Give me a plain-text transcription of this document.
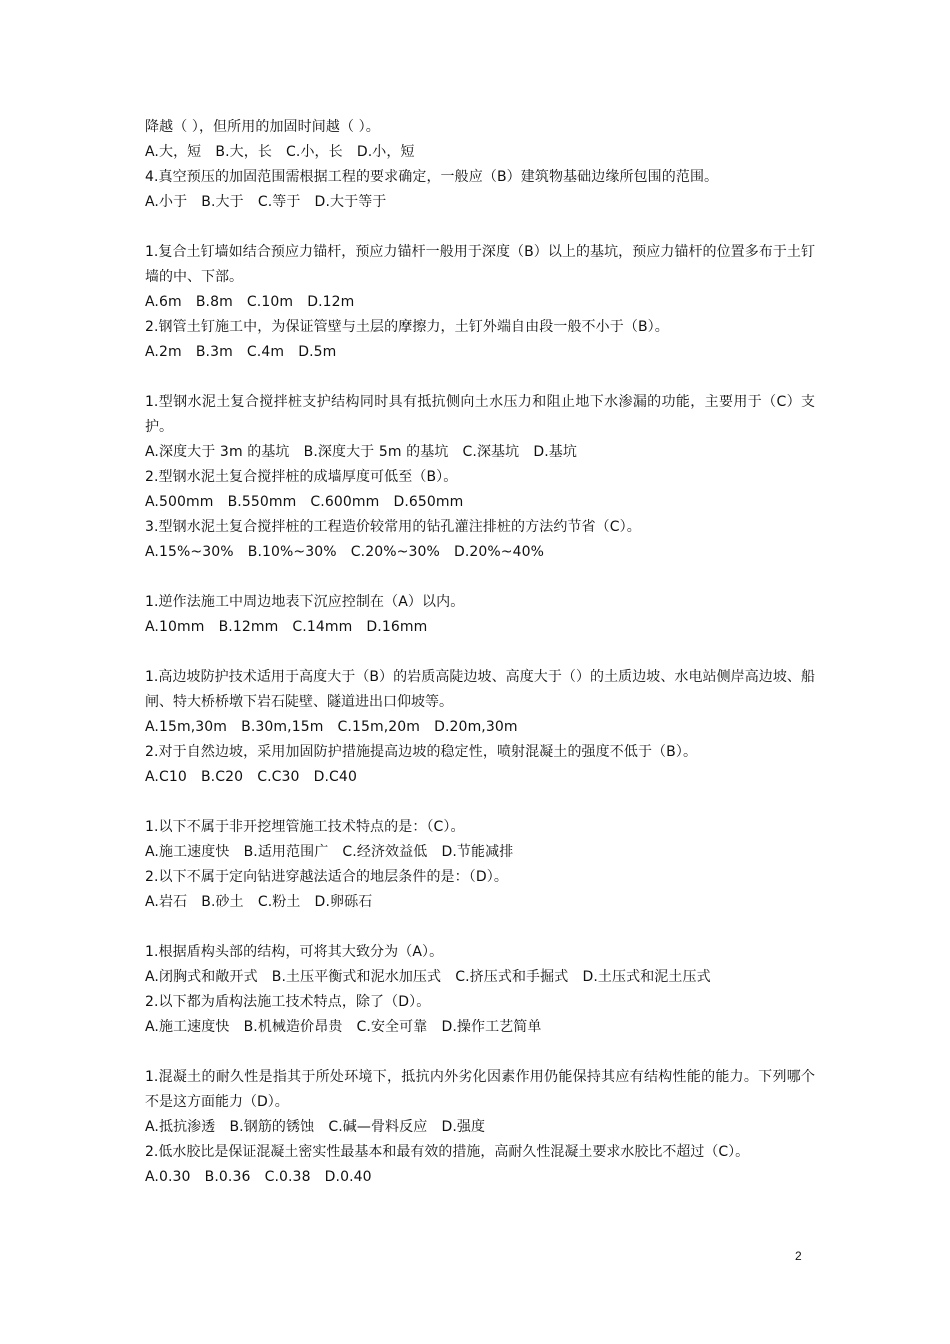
降越（ ），但所用的加固时间越（ ）。
A.大，短　B.大，长　C.小，长　D.小，短
4.真空预压的加固范围需根据工程的要求确定，一般应（B）建筑物基础边缘所包围的范围。
A.小于　B.大于　C.等于　D.大于等于
1.复合土钉墙如结合预应力锚杆，预应力锚杆一般用于深度（B）以上的基坑，预应力锚杆的位置多布于土钉墙的中、下部。
A.6m　B.8m　C.10m　D.12m
2.钢管土钉施工中，为保证管壁与土层的摩擦力，土钉外端自由段一般不小于（B）。
A.2m　B.3m　C.4m　D.5m
1.型钢水泥土复合搅拌桩支护结构同时具有抵抗侧向土水压力和阻止地下水渗漏的功能，主要用于（C）支护。
A.深度大于 3m 的基坑　B.深度大于 5m 的基坑　C.深基坑　D.基坑
2.型钢水泥土复合搅拌桩的成墙厚度可低至（B）。
A.500mm　B.550mm　C.600mm　D.650mm
3.型钢水泥土复合搅拌桩的工程造价较常用的钻孔灌注排桩的方法约节省（C）。
A.15%~30%　B.10%~30%　C.20%~30%　D.20%~40%
1.逆作法施工中周边地表下沉应控制在（A）以内。
A.10mm　B.12mm　C.14mm　D.16mm
1.高边坡防护技术适用于高度大于（B）的岩质高陡边坡、高度大于（）的土质边坡、水电站侧岸高边坡、船闸、特大桥桥墩下岩石陡壁、隧道进出口仰坡等。
A.15m,30m　B.30m,15m　C.15m,20m　D.20m,30m
2.对于自然边坡，采用加固防护措施提高边坡的稳定性，喷射混凝土的强度不低于（B）。
A.C10　B.C20　C.C30　D.C40
1.以下不属于非开挖埋管施工技术特点的是：（C）。
A.施工速度快　B.适用范围广　C.经济效益低　D.节能减排
2.以下不属于定向钻进穿越法适合的地层条件的是：（D）。
A.岩石　B.砂土　C.粉土　D.卵砾石
1.根据盾构头部的结构，可将其大致分为（A）。
A.闭胸式和敞开式　B.土压平衡式和泥水加压式　C.挤压式和手掘式　D.土压式和泥土压式
2.以下都为盾构法施工技术特点，除了（D）。
A.施工速度快　B.机械造价昂贵　C.安全可靠　D.操作工艺简单
1.混凝土的耐久性是指其于所处环境下，抵抗内外劣化因素作用仍能保持其应有结构性能的能力。下列哪个不是这方面能力（D）。
A.抵抗渗透　B.钢筋的锈蚀　C.碱—骨料反应　D.强度
2.低水胶比是保证混凝土密实性最基本和最有效的措施，高耐久性混凝土要求水胶比不超过（C）。
A.0.30　B.0.36　C.0.38　D.0.40
2
